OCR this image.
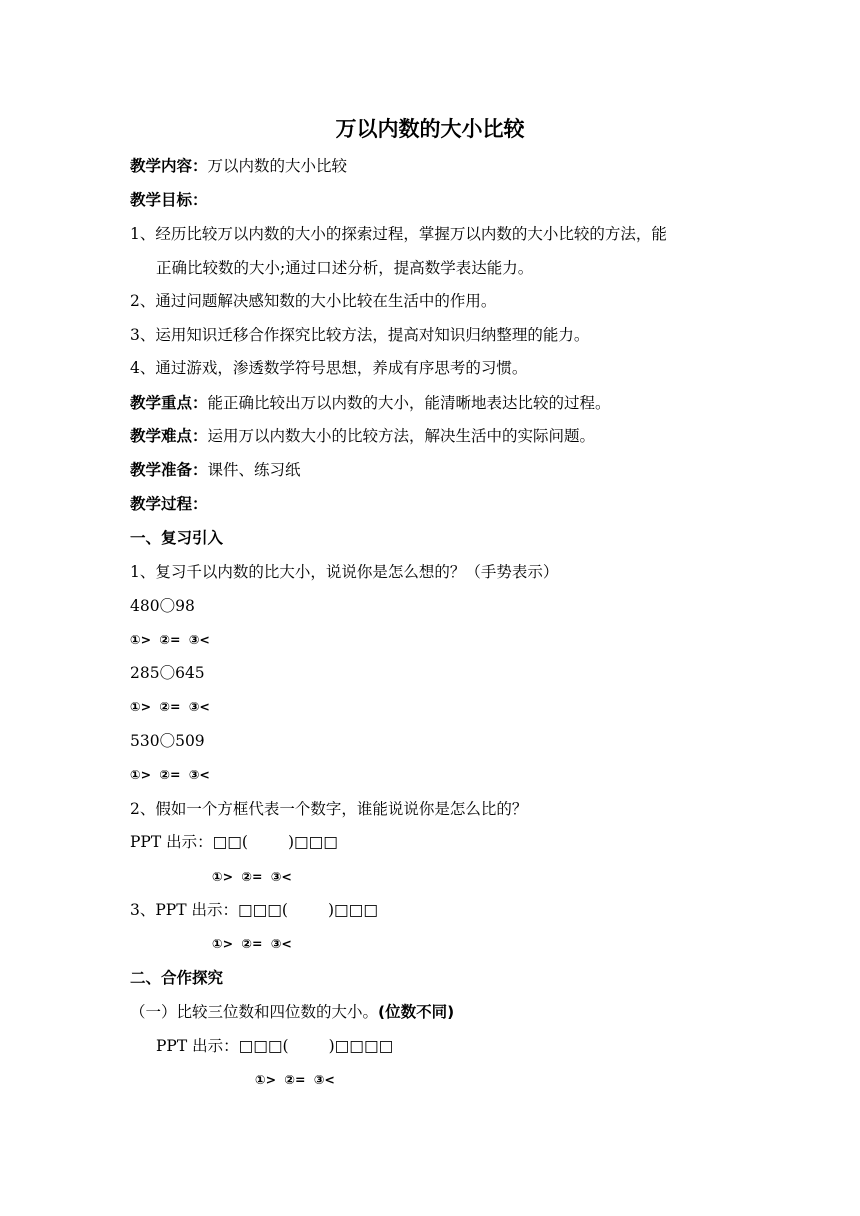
万以内数的大小比较
教学内容：万以内数的大小比较
教学目标：
1、经历比较万以内数的大小的探索过程，掌握万以内数的大小比较的方法，能
正确比较数的大小;通过口述分析，提高数学表达能力。
2、通过问题解决感知数的大小比较在生活中的作用。
3、运用知识迁移合作探究比较方法，提高对知识归纳整理的能力。
4、通过游戏，渗透数学符号思想，养成有序思考的习惯。
教学重点：能正确比较出万以内数的大小，能清晰地表达比较的过程。
教学难点：运用万以内数大小的比较方法，解决生活中的实际问题。
教学准备：课件、练习纸
教学过程：
一、复习引入
1、复习千以内数的比大小，说说你是怎么想的？（手势表示）
480〇98
①> ②= ③<
285〇645
①> ②= ③<
530〇509
①> ②= ③<
2、假如一个方框代表一个数字，谁能说说你是怎么比的？
PPT 出示：□□(	)□□□
①> ②= ③<
3、PPT 出示：□□□(	)□□□
①> ②= ③<
二、合作探究
（一）比较三位数和四位数的大小。(位数不同)
PPT 出示：□□□(	)□□□□
①> ②= ③<
